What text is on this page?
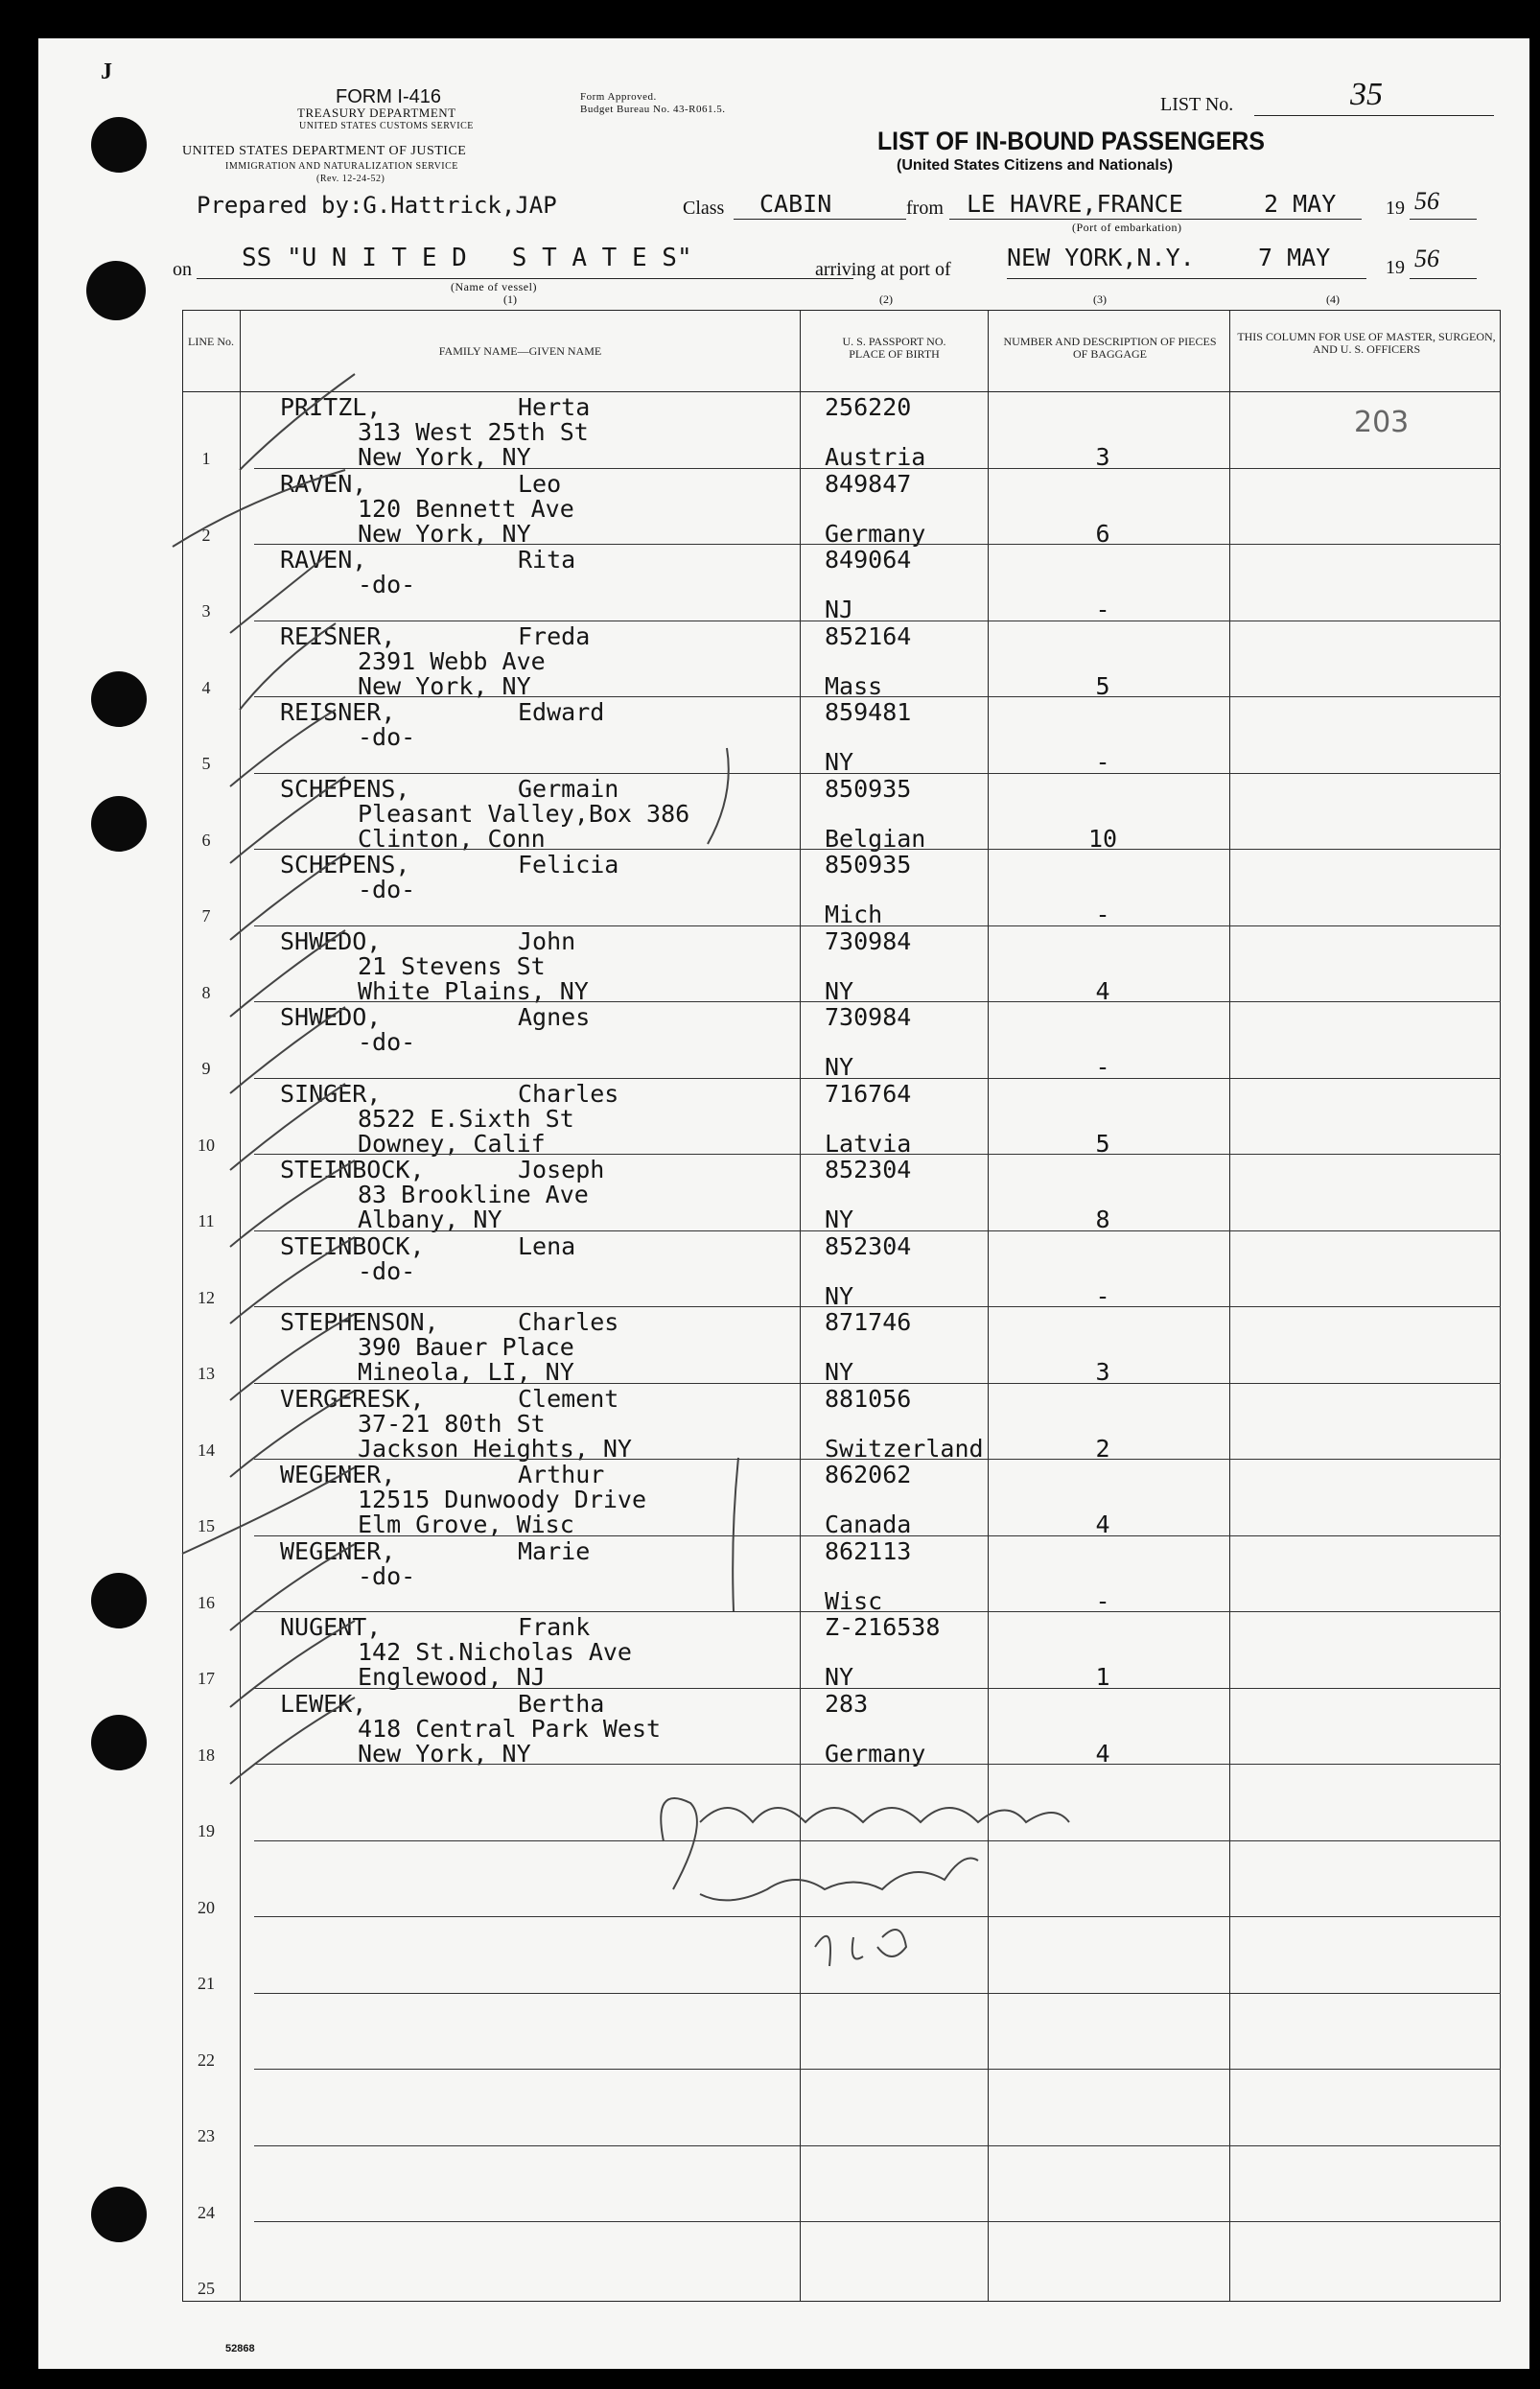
J
FORM I-416
TREASURY DEPARTMENT
UNITED STATES CUSTOMS SERVICE
Form Approved.
Budget Bureau No. 43-R061.5.
UNITED STATES DEPARTMENT OF JUSTICE
IMMIGRATION AND NATURALIZATION SERVICE
(Rev. 12-24-52)
LIST No.	35
LIST OF IN-BOUND PASSENGERS
(United States Citizens and Nationals)
Prepared by:G.Hattrick,JAP	Class CABIN	from LE HAVRE,FRANCE	2 MAY	19 56
(Port of embarkation)
on SS "U N I T E D   S T A T E S"	arriving at port of NEW YORK,N.Y.	7 MAY	19 56
(Name of vessel)
(1)	(2)	(3)	(4)
LINE No.
FAMILY NAME—GIVEN NAME
U. S. PASSPORT NO. PLACE OF BIRTH
NUMBER AND DESCRIPTION OF PIECES OF BAGGAGE
THIS COLUMN FOR USE OF MASTER, SURGEON, AND U. S. OFFICERS
203
PRITZL,	Herta
313 West 25th St
New York, NY
256220
Austria	3
1
RAVEN,	Leo
120 Bennett Ave
New York, NY
849847
Germany	6
2
RAVEN,	Rita
-do-
849064
NJ	-
3
REISNER,	Freda
2391 Webb Ave
New York, NY
852164
Mass	5
4
REISNER,	Edward
-do-
859481
NY	-
5
SCHEPENS,	Germain
Pleasant Valley,Box 386
Clinton, Conn
850935
Belgian	10
6
SCHEPENS,	Felicia
-do-
850935
Mich	-
7
SHWEDO,	John
21 Stevens St
White Plains, NY
730984
NY	4
8
SHWEDO,	Agnes
-do-
730984
NY	-
9
SINGER,	Charles
8522 E.Sixth St
Downey, Calif
716764
Latvia	5
10
STEINBOCK,	Joseph
83 Brookline Ave
Albany, NY
852304
NY	8
11
STEINBOCK,	Lena
-do-
852304
NY	-
12
STEPHENSON,	Charles
390 Bauer Place
Mineola, LI, NY
871746
NY	3
13
VERGERESK,	Clement
37-21 80th St
Jackson Heights, NY
881056
Switzerland	2
14
WEGENER,	Arthur
12515 Dunwoody Drive
Elm Grove, Wisc
862062
Canada	4
15
WEGENER,	Marie
-do-
862113
Wisc	-
16
NUGENT,	Frank
142 St.Nicholas Ave
Englewood, NJ
Z-216538
NY	1
17
LEWEK,	Bertha
418 Central Park West
New York, NY
283
Germany	4
18
19
20
21
22
23
24
25
52868
